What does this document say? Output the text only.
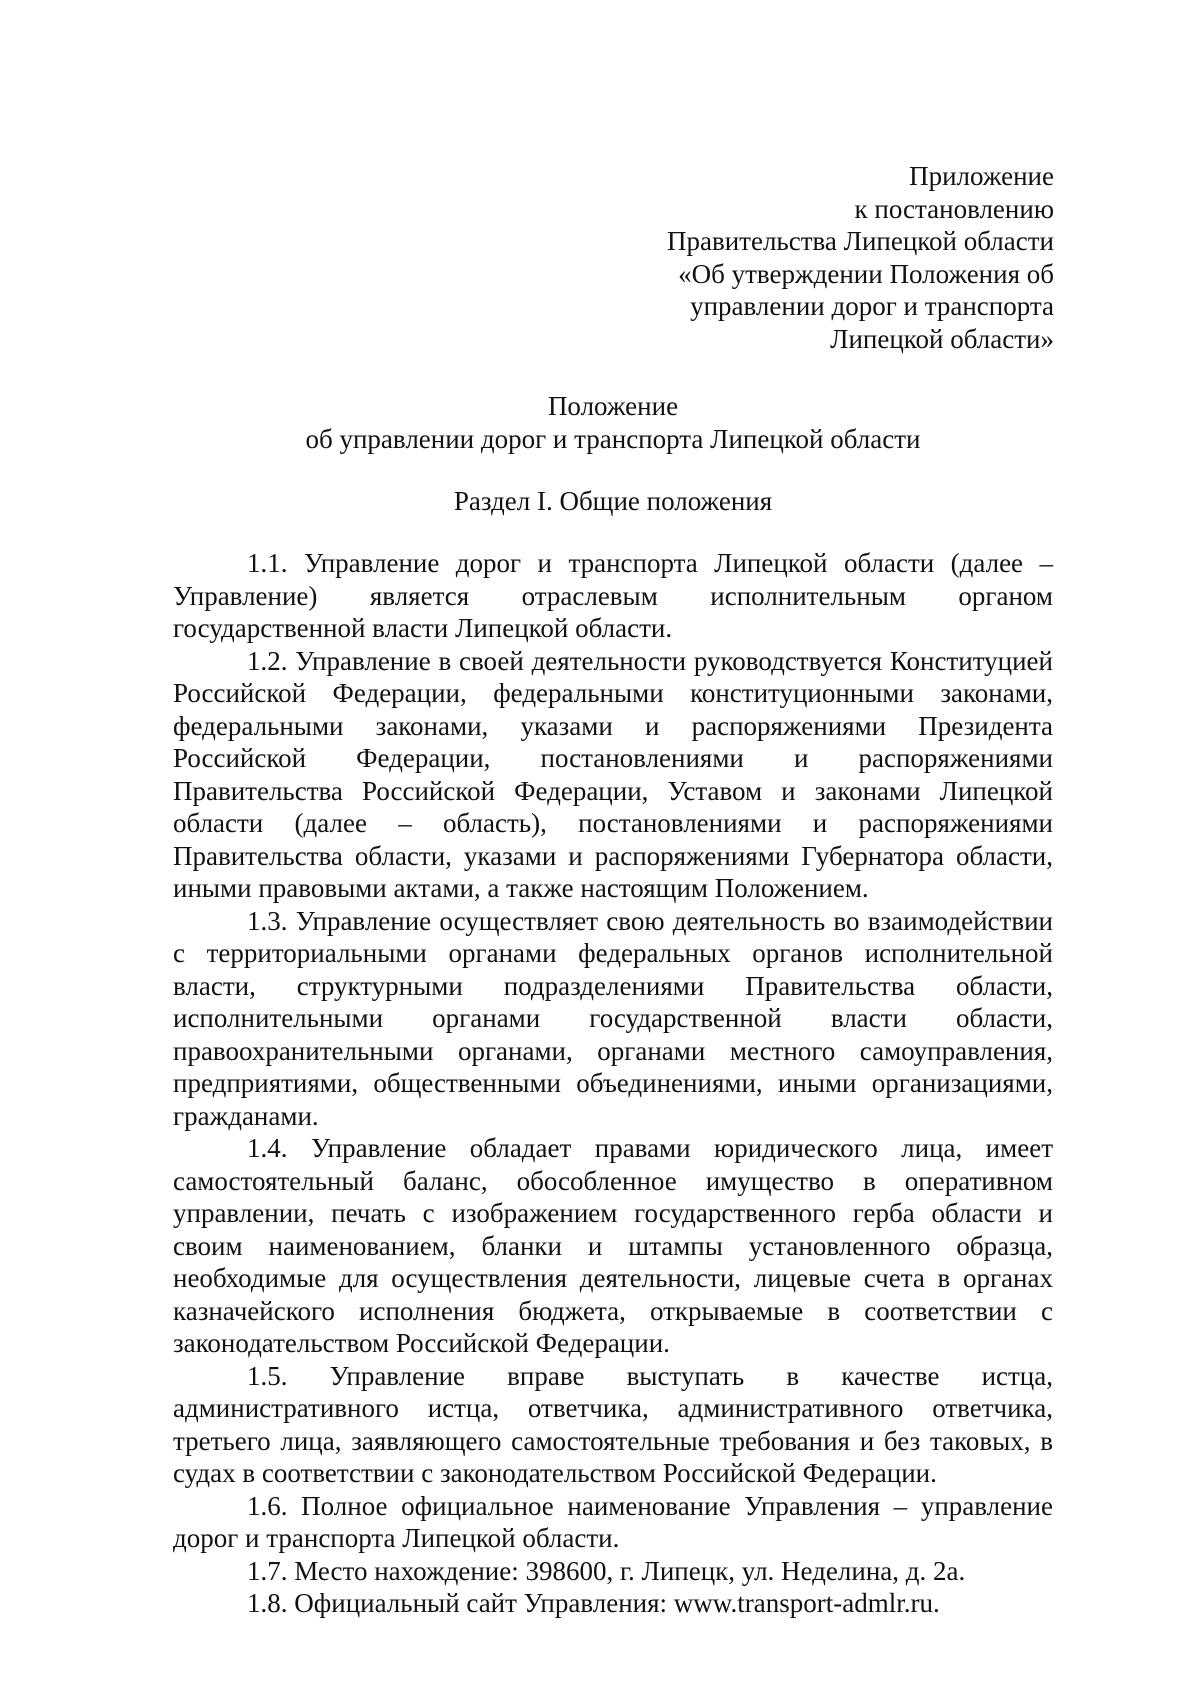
Приложение
к постановлению
Правительства Липецкой области
«Об утверждении Положения об
управлении дорог и транспорта
Липецкой области»
Положение
об управлении дорог и транспорта Липецкой области
Раздел I. Общие положения

1.1. Управление дорог и транспорта Липецкой области (далее – Управление) является отраслевым исполнительным органом государственной власти Липецкой области.

1.2. Управление в своей деятельности руководствуется Конституцией Российской Федерации, федеральными конституционными законами, федеральными законами, указами и распоряжениями Президента Российской Федерации, постановлениями и распоряжениями Правительства Российской Федерации, Уставом и законами Липецкой области (далее – область), постановлениями и распоряжениями Правительства области, указами и распоряжениями Губернатора области, иными правовыми актами, а также настоящим Положением.

1.3. Управление осуществляет свою деятельность во взаимодействии с территориальными органами федеральных органов исполнительной власти, структурными подразделениями Правительства области, исполнительными органами государственной власти области, правоохранительными органами, органами местного самоуправления, предприятиями, общественными объединениями, иными организациями, гражданами.

1.4. Управление обладает правами юридического лица, имеет самостоятельный баланс, обособленное имущество в оперативном управлении, печать с изображением государственного герба области и своим наименованием, бланки и штампы установленного образца, необходимые для осуществления деятельности, лицевые счета в органах казначейского исполнения бюджета, открываемые в соответствии с законодательством Российской Федерации.

1.5. Управление вправе выступать в качестве истца, административного истца, ответчика, административного ответчика, третьего лица, заявляющего самостоятельные требования и без таковых, в судах в соответствии с законодательством Российской Федерации.

1.6. Полное официальное наименование Управления – управление дорог и транспорта Липецкой области.

1.7. Место нахождение: 398600, г. Липецк, ул. Неделина, д. 2а.

1.8. Официальный сайт Управления: www.transport-admlr.ru.
